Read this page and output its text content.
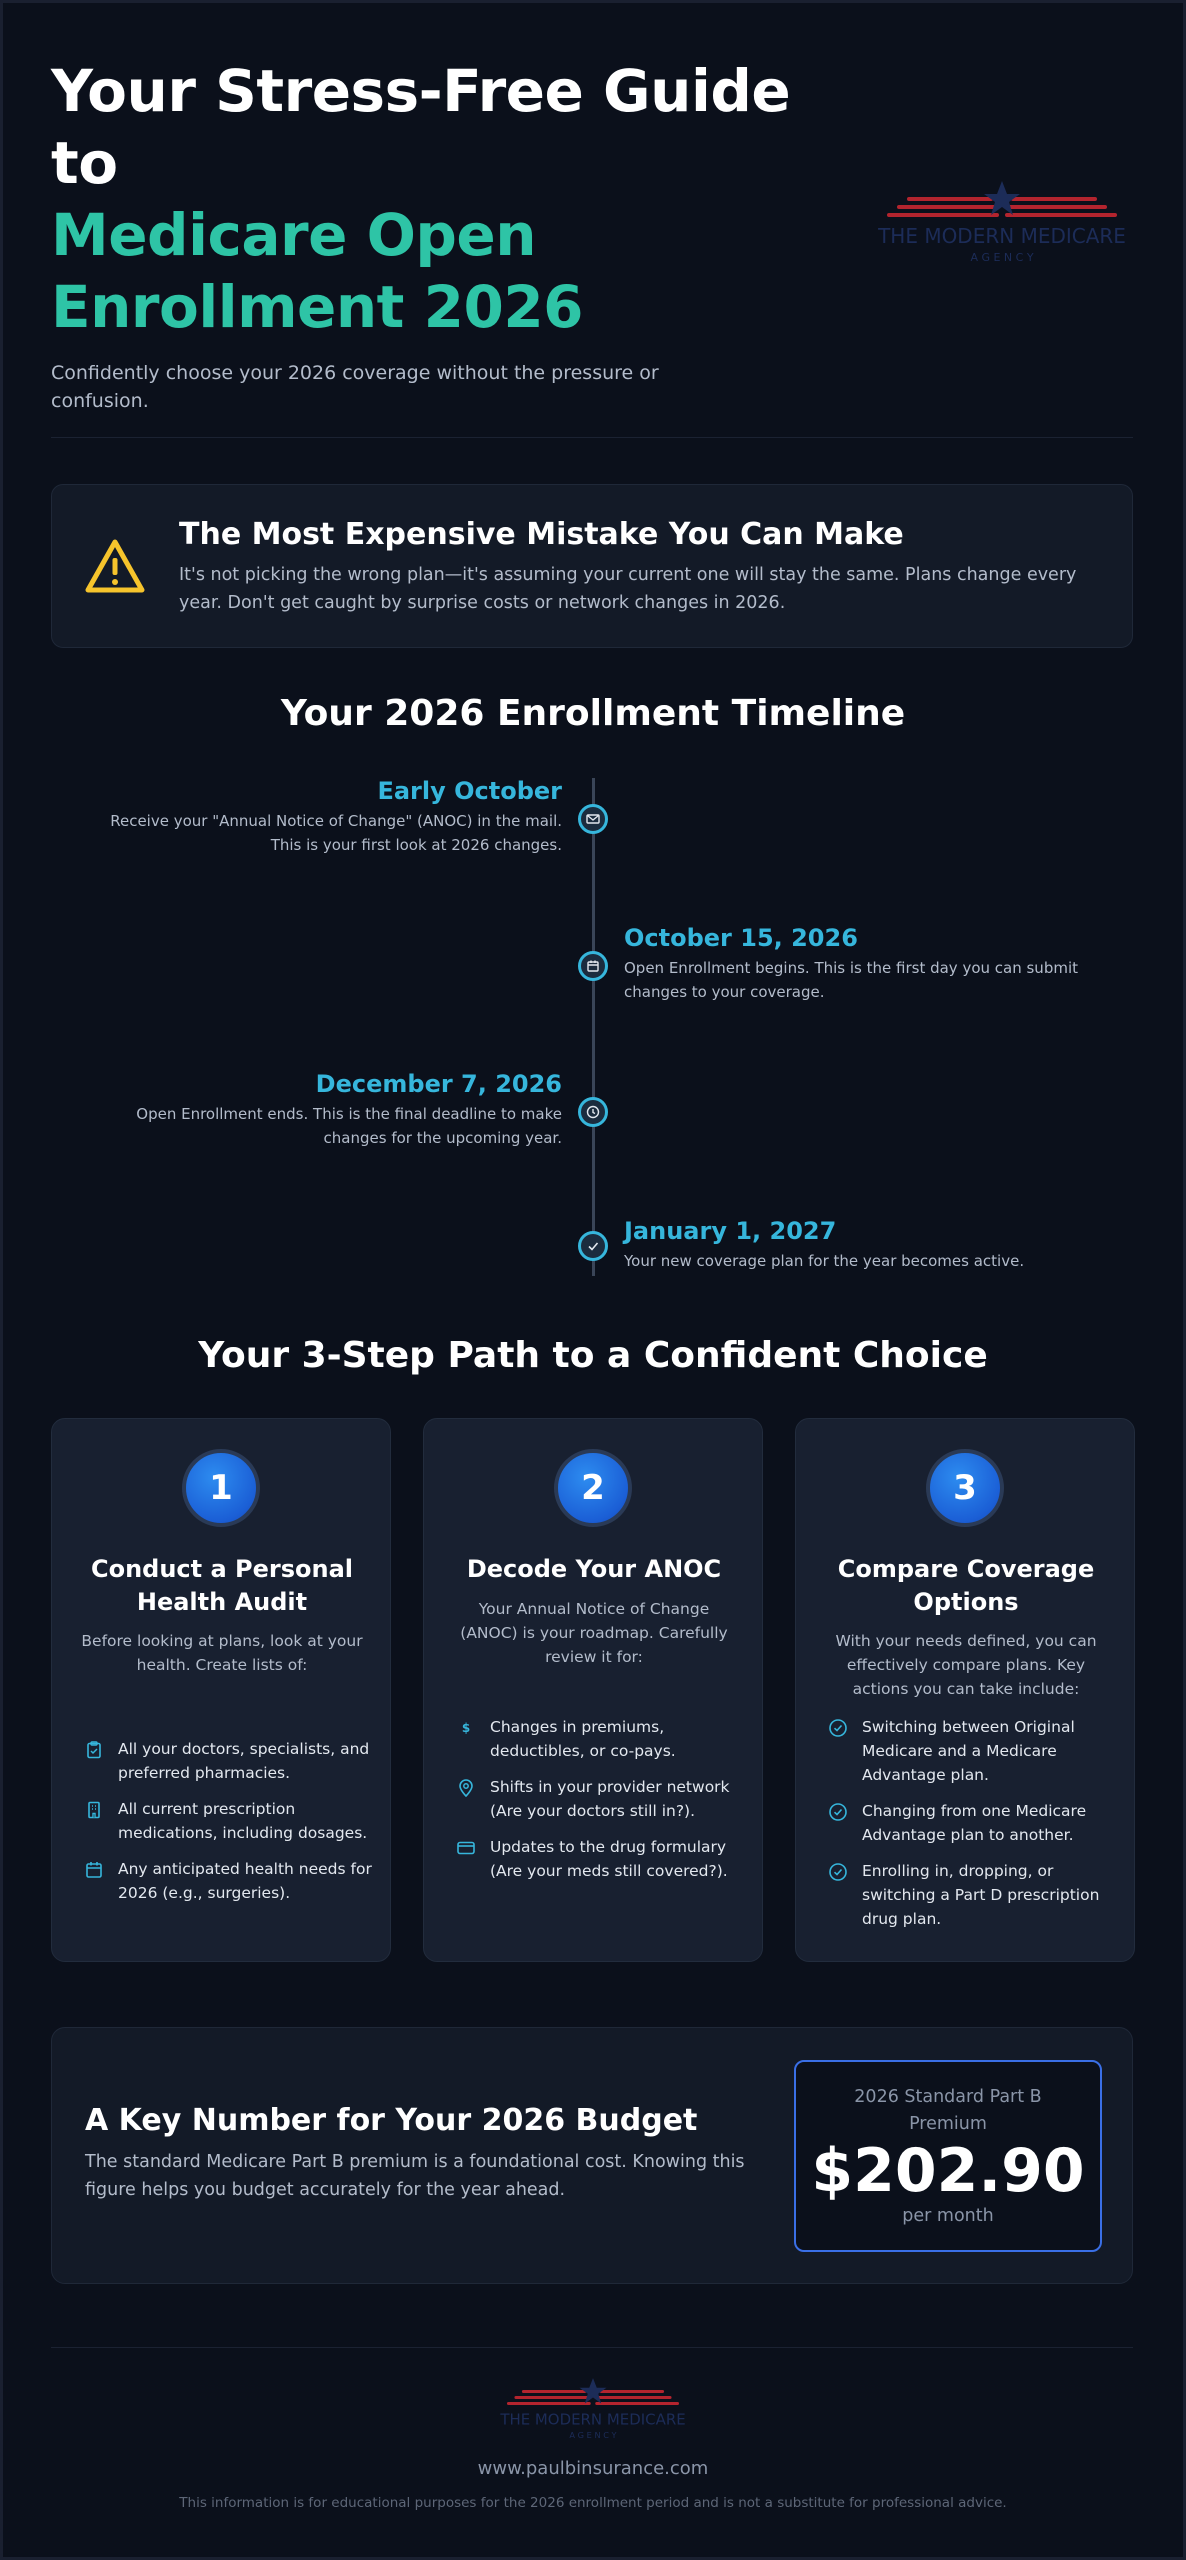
Your Stress-Free Guide
to
Medicare Open
Enrollment 2026

Confidently choose your 2026 coverage without the pressure or confusion.

THE MODERN MEDICARE
A G E N C Y
The Most Expensive Mistake You Can Make

It's not picking the wrong plan—it's assuming your current one will stay the same. Plans change every year. Don't get caught by surprise costs or network changes in 2026.

Your 2026 Enrollment Timeline
Early October
Receive your "Annual Notice of Change" (ANOC) in the mail.
This is your first look at 2026 changes.
October 15, 2026
Open Enrollment begins. This is the first day you can submit
changes to your coverage.
December 7, 2026
Open Enrollment ends. This is the final deadline to make
changes for the upcoming year.
January 1, 2027
Your new coverage plan for the year becomes active.
Your 3-Step Path to a Confident Choice
1
Conduct a Personal Health Audit
Before looking at plans, look at your health. Create lists of:
All your doctors, specialists, and preferred pharmacies.
All current prescription medications, including dosages.
Any anticipated health needs for 2026 (e.g., surgeries).
2
Decode Your ANOC
Your Annual Notice of Change (ANOC) is your roadmap. Carefully review it for:
$ Changes in premiums, deductibles, or co-pays.
Shifts in your provider network (Are your doctors still in?).
Updates to the drug formulary (Are your meds still covered?).
3
Compare Coverage Options
With your needs defined, you can effectively compare plans. Key actions you can take include:
Switching between Original Medicare and a Medicare Advantage plan.
Changing from one Medicare Advantage plan to another.
Enrolling in, dropping, or switching a Part D prescription drug plan.
A Key Number for Your 2026 Budget

The standard Medicare Part B premium is a foundational cost. Knowing this figure helps you budget accurately for the year ahead.

2026 Standard Part B Premium
$202.90
per month
THE MODERN MEDICARE
A G E N C Y
www.paulbinsurance.com
This information is for educational purposes for the 2026 enrollment period and is not a substitute for professional advice.
